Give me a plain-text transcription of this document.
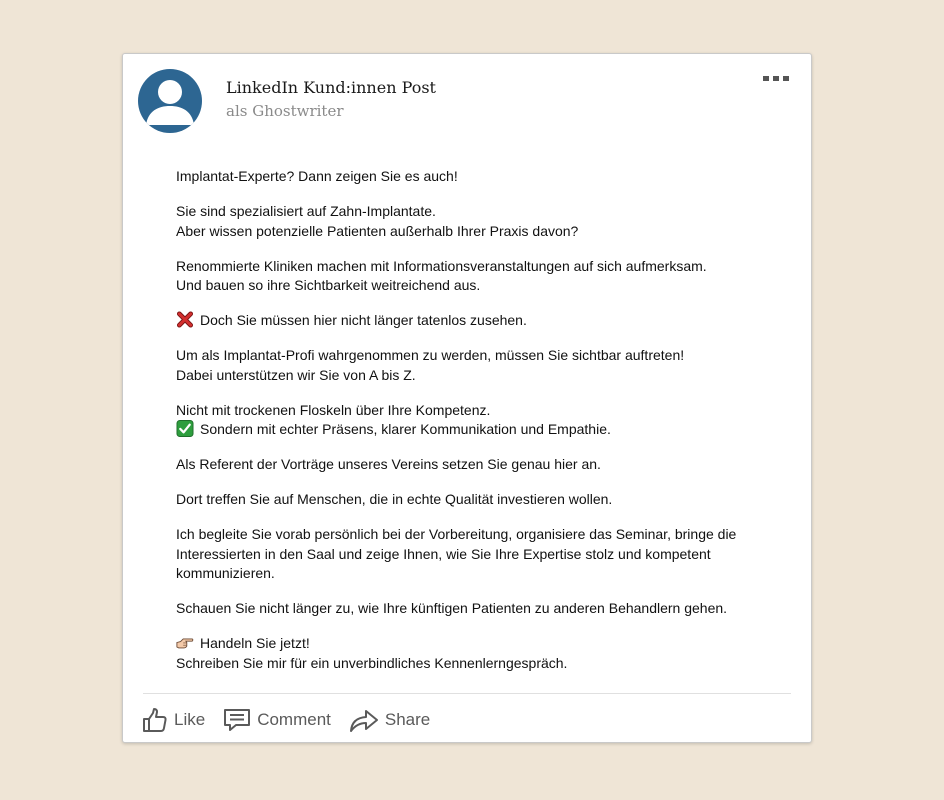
LinkedIn Kund:innen Post
als Ghostwriter

Implantat-Experte? Dann zeigen Sie es auch!

Sie sind spezialisiert auf Zahn-Implantate.
Aber wissen potenzielle Patienten außerhalb Ihrer Praxis davon?

Renommierte Kliniken machen mit Informationsveranstaltungen auf sich aufmerksam.
Und bauen so ihre Sichtbarkeit weitreichend aus.

Doch Sie müssen hier nicht länger tatenlos zusehen.

Um als Implantat-Profi wahrgenommen zu werden, müssen Sie sichtbar auftreten!
Dabei unterstützen wir Sie von A bis Z.

Nicht mit trockenen Floskeln über Ihre Kompetenz.
Sondern mit echter Präsens, klarer Kommunikation und Empathie.

Als Referent der Vorträge unseres Vereins setzen Sie genau hier an.

Dort treffen Sie auf Menschen, die in echte Qualität investieren wollen.

Ich begleite Sie vorab persönlich bei der Vorbereitung, organisiere das Seminar, bringe die
Interessierten in den Saal und zeige Ihnen, wie Sie Ihre Expertise stolz und kompetent
kommunizieren.

Schauen Sie nicht länger zu, wie Ihre künftigen Patienten zu anderen Behandlern gehen.

Handeln Sie jetzt!
Schreiben Sie mir für ein unverbindliches Kennenlerngespräch.

Like	Comment	Share
